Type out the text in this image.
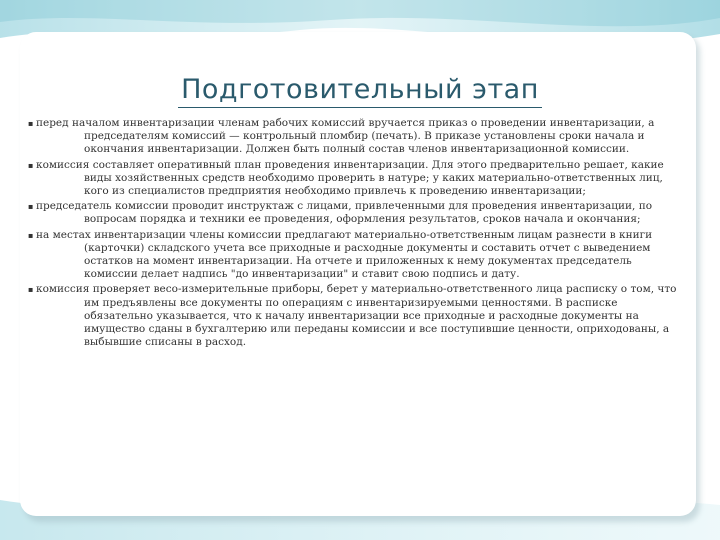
Подготовительный этап
▪ перед началом инвентаризации членам рабочих комиссий вручается приказ о проведении инвентаризации, а председателям комиссий — контрольный пломбир (печать). В приказе установлены сроки начала и окончания инвентаризации. Должен быть полный состав членов инвентаризационной комиссии.
▪ комиссия составляет оперативный план проведения инвентаризации. Для этого предварительно решает, какие виды хозяйственных средств необходимо проверить в натуре; у каких материально-ответственных лиц, кого из специалистов предприятия необходимо привлечь к проведению инвентаризации;
▪ председатель комиссии проводит инструктаж с лицами, привлеченными для проведения инвентаризации, по вопросам порядка и техники ее проведения, оформления результатов, сроков начала и окончания;
▪ на местах инвентаризации члены комиссии предлагают материально-ответственным лицам разнести в книги (карточки) складского учета все приходные и расходные документы и составить отчет с выведением остатков на момент инвентаризации. На отчете и приложенных к нему документах председатель комиссии делает надпись "до инвентаризации" и ставит свою подпись и дату.
▪ комиссия проверяет весо-измерительные приборы, берет у материально-ответственного лица расписку о том, что им предъявлены все документы по операциям с инвентаризируемыми ценностями. В расписке обязательно указывается, что к началу инвентаризации все приходные и расходные документы на имущество сданы в бухгалтерию или переданы комиссии и все поступившие ценности, оприходованы, а выбывшие списаны в расход.
